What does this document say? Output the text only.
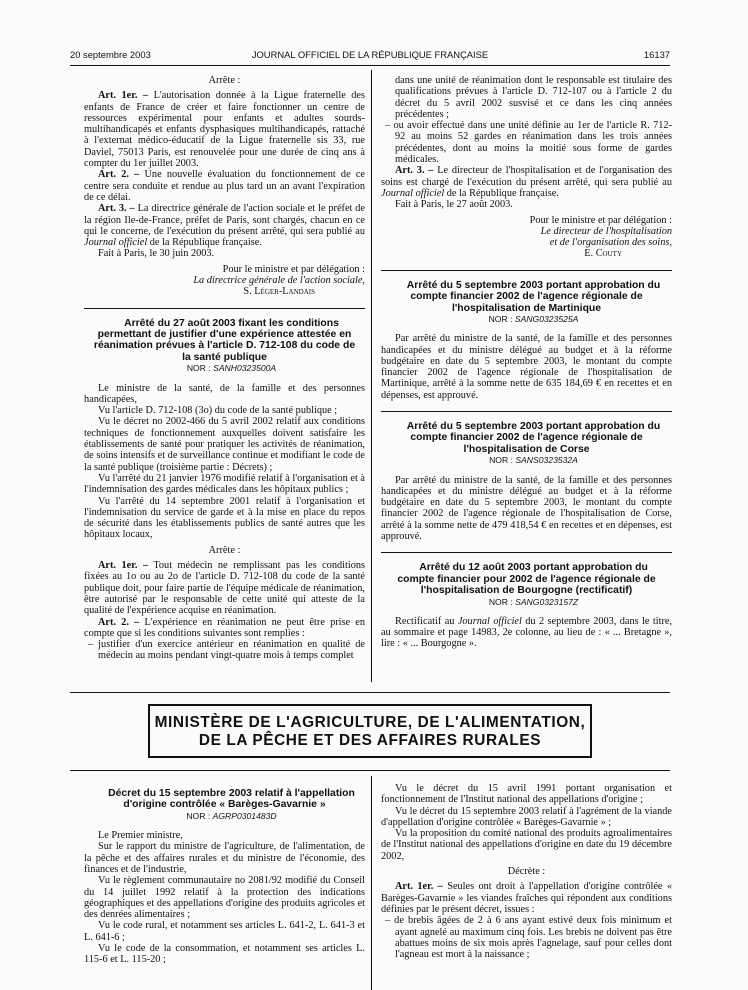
20 septembre 2003	JOURNAL OFFICIEL DE LA RÉPUBLIQUE FRANÇAISE	16137

Arrête :

Art. 1er. – L'autorisation donnée à la Ligue fraternelle des enfants de France de créer et faire fonctionner un centre de ressources expérimental pour enfants et adultes sourds-multihandicapés et enfants dysphasiques multihandicapés, rattaché à l'externat médico-éducatif de la Ligue fraternelle sis 33, rue Daviel, 75013 Paris, est renouvelée pour une durée de cinq ans à compter du 1er juillet 2003.

Art. 2. – Une nouvelle évaluation du fonctionnement de ce centre sera conduite et rendue au plus tard un an avant l'expiration de ce délai.

Art. 3. – La directrice générale de l'action sociale et le préfet de la région Ile-de-France, préfet de Paris, sont chargés, chacun en ce qui le concerne, de l'exécution du présent arrêté, qui sera publié au Journal officiel de la République française.

Fait à Paris, le 30 juin 2003.

Pour le ministre et par délégation :

La directrice générale de l'action sociale,

S. Léger-Landais

Arrêté du 27 août 2003 fixant les conditions permettant de justifier d'une expérience attestée en réanimation prévues à l'article D. 712-108 du code de la santé publique

NOR : SANH0323500A

Le ministre de la santé, de la famille et des personnes handicapées,

Vu l'article D. 712-108 (3o) du code de la santé publique ;

Vu le décret no 2002-466 du 5 avril 2002 relatif aux conditions techniques de fonctionnement auxquelles doivent satisfaire les établissements de santé pour pratiquer les activités de réanimation, de soins intensifs et de surveillance continue et modifiant le code de la santé publique (troisième partie : Décrets) ;

Vu l'arrêté du 21 janvier 1976 modifié relatif à l'organisation et à l'indemnisation des gardes médicales dans les hôpitaux publics ;

Vu l'arrêté du 14 septembre 2001 relatif à l'organisation et l'indemnisation du service de garde et à la mise en place du repos de sécurité dans les établissements publics de santé autres que les hôpitaux locaux,

Arrête :

Art. 1er. – Tout médecin ne remplissant pas les conditions fixées au 1o ou au 2o de l'article D. 712-108 du code de la santé publique doit, pour faire partie de l'équipe médicale de réanimation, être autorisé par le responsable de cette unité qui atteste de la qualité de l'expérience acquise en réanimation.

Art. 2. – L'expérience en réanimation ne peut être prise en compte que si les conditions suivantes sont remplies :

– justifier d'un exercice antérieur en réanimation en qualité de médecin au moins pendant vingt-quatre mois à temps complet

dans une unité de réanimation dont le responsable est titulaire des qualifications prévues à l'article D. 712-107 ou à l'article 2 du décret du 5 avril 2002 susvisé et ce dans les cinq années précédentes ;

– ou avoir effectué dans une unité définie au 1er de l'article R. 712-92 au moins 52 gardes en réanimation dans les trois années précédentes, dont au moins la moitié sous forme de gardes médicales.

Art. 3. – Le directeur de l'hospitalisation et de l'organisation des soins est chargé de l'exécution du présent arrêté, qui sera publié au Journal officiel de la République française.

Fait à Paris, le 27 août 2003.

Pour le ministre et par délégation :

Le directeur de l'hospitalisation

et de l'organisation des soins,

E. Couty

Arrêté du 5 septembre 2003 portant approbation du compte financier 2002 de l'agence régionale de l'hospitalisation de Martinique

NOR : SANG0323525A

Par arrêté du ministre de la santé, de la famille et des personnes handicapées et du ministre délégué au budget et à la réforme budgétaire en date du 5 septembre 2003, le montant du compte financier 2002 de l'agence régionale de l'hospitalisation de Martinique, arrêté à la somme nette de 635 184,69 € en recettes et en dépenses, est approuvé.

Arrêté du 5 septembre 2003 portant approbation du compte financier 2002 de l'agence régionale de l'hospitalisation de Corse

NOR : SANS0323532A

Par arrêté du ministre de la santé, de la famille et des personnes handicapées et du ministre délégué au budget et à la réforme budgétaire en date du 5 septembre 2003, le montant du compte financier 2002 de l'agence régionale de l'hospitalisation de Corse, arrêté à la somme nette de 479 418,54 € en recettes et en dépenses, est approuvé.

Arrêté du 12 août 2003 portant approbation du compte financier pour 2002 de l'agence régionale de l'hospitalisation de Bourgogne (rectificatif)

NOR : SANG0323157Z

Rectificatif au Journal officiel du 2 septembre 2003, dans le titre, au sommaire et page 14983, 2e colonne, au lieu de : « ... Bretagne », lire : « ... Bourgogne ».

MINISTÈRE DE L'AGRICULTURE, DE L'ALIMENTATION,
DE LA PÊCHE ET DES AFFAIRES RURALES

Décret du 15 septembre 2003 relatif à l'appellation d'origine contrôlée « Barèges-Gavarnie »

NOR : AGRP0301483D

Le Premier ministre,

Sur le rapport du ministre de l'agriculture, de l'alimentation, de la pêche et des affaires rurales et du ministre de l'économie, des finances et de l'industrie,

Vu le règlement communautaire no 2081/92 modifié du Conseil du 14 juillet 1992 relatif à la protection des indications géographiques et des appellations d'origine des produits agricoles et des denrées alimentaires ;

Vu le code rural, et notamment ses articles L. 641-2, L. 641-3 et L. 641-6 ;

Vu le code de la consommation, et notamment ses articles L. 115-6 et L. 115-20 ;

Vu le décret du 15 avril 1991 portant organisation et fonctionnement de l'Institut national des appellations d'origine ;

Vu le décret du 15 septembre 2003 relatif à l'agrément de la viande d'appellation d'origine contrôlée « Barèges-Gavarnie » ;

Vu la proposition du comité national des produits agroalimentaires de l'Institut national des appellations d'origine en date du 19 décembre 2002,

Décrète :

Art. 1er. – Seules ont droit à l'appellation d'origine contrôlée « Barèges-Gavarnie » les viandes fraîches qui répondent aux conditions définies par le présent décret, issues :

– de brebis âgées de 2 à 6 ans ayant estivé deux fois minimum et ayant agnelé au maximum cinq fois. Les brebis ne doivent pas être abattues moins de six mois après l'agnelage, sauf pour celles dont l'agneau est mort à la naissance ;
